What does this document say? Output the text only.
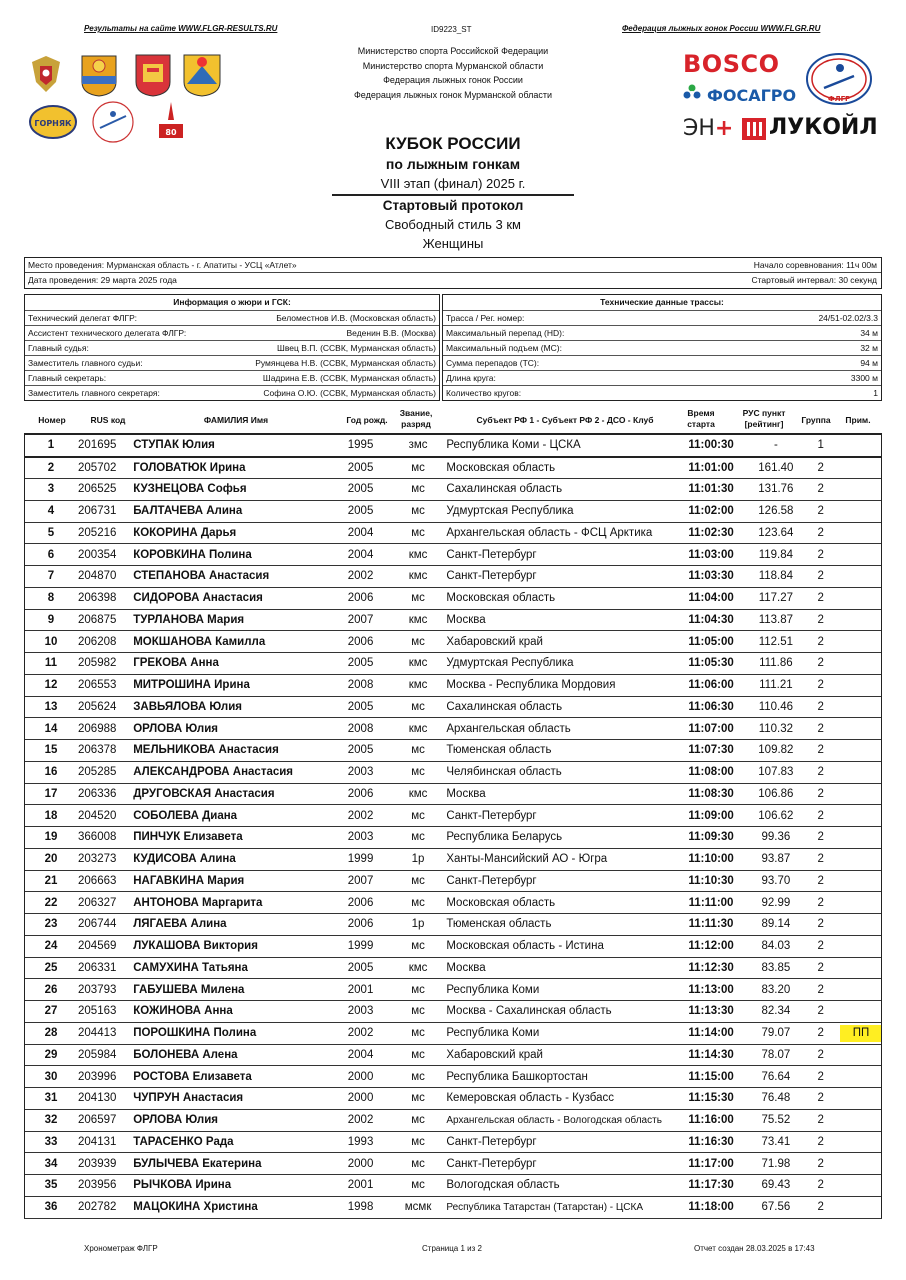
Результаты на сайте WWW.FLGR-RESULTS.RU	ID9223_ST	Федерация лыжных гонок России WWW.FLGR.RU
ГОРНЯК
80
Министерство спорта Российской Федерации
Министерство спорта Мурманской области
Федерация лыжных гонок России
Федерация лыжных гонок Мурманской области
BOSCO
ФОСАГРО	ФЛГР
ЭН+ ЛУКОЙЛ
КУБОК РОССИИ
по лыжным гонкам
VIII этап (финал) 2025 г.
Стартовый протокол
Свободный стиль 3 км
Женщины
Место проведения: Мурманская область - г. Апатиты - УСЦ «Атлет»	Начало соревнования: 11ч 00м
Дата проведения: 29 марта 2025 года	Стартовый интервал: 30 секунд
Информация о жюри и ГСК:
Технический делегат ФЛГР:	Беломестнов И.В. (Московская область)
Ассистент технического делегата ФЛГР:	Веденин В.В. (Москва)
Главный судья:	Швец В.П. (ССВК, Мурманская область)
Заместитель главного судьи:	Румянцева Н.В. (ССВК, Мурманская область)
Главный секретарь:	Шадрина Е.В. (ССВК, Мурманская область)
Заместитель главного секретаря:	Софина О.Ю. (ССВК, Мурманская область)
Технические данные трассы:
Трасса / Рег. номер:	24/51-02.02/3.3
Максимальный перепад (HD):	34 м
Максимальный подъем (MC):	32 м
Сумма перепадов (TC):	94 м
Длина круга:	3300 м
Количество кругов:	1
Номер	RUS код	ФАМИЛИЯ Имя	Год рожд.
Звание, разряд	Субъект РФ 1 - Субъект РФ 2 - ДСО - Клуб
Время старта
РУС пункт [рейтинг]	Группа	Прим.
1	201695	СТУПАК Юлия	1995	змс	Республика Коми - ЦСКА	11:00:30	-	1	
2	205702	ГОЛОВАТЮК Ирина	2005	мс	Московская область	11:01:00	161.40	2	
3	206525	КУЗНЕЦОВА Софья	2005	мс	Сахалинская область	11:01:30	131.76	2	
4	206731	БАЛТАЧЕВА Алина	2005	мс	Удмуртская Республика	11:02:00	126.58	2	
5	205216	КОКОРИНА Дарья	2004	мс	Архангельская область - ФСЦ Арктика	11:02:30	123.64	2	
6	200354	КОРОВКИНА Полина	2004	кмс	Санкт-Петербург	11:03:00	119.84	2	
7	204870	СТЕПАНОВА Анастасия	2002	кмс	Санкт-Петербург	11:03:30	118.84	2	
8	206398	СИДОРОВА Анастасия	2006	мс	Московская область	11:04:00	117.27	2	
9	206875	ТУРЛАНОВА Мария	2007	кмс	Москва	11:04:30	113.87	2	
10	206208	МОКШАНОВА Камилла	2006	мс	Хабаровский край	11:05:00	112.51	2	
11	205982	ГРЕКОВА Анна	2005	кмс	Удмуртская Республика	11:05:30	111.86	2	
12	206553	МИТРОШИНА Ирина	2008	кмс	Москва - Республика Мордовия	11:06:00	111.21	2	
13	205624	ЗАВЬЯЛОВА Юлия	2005	мс	Сахалинская область	11:06:30	110.46	2	
14	206988	ОРЛОВА Юлия	2008	кмс	Архангельская область	11:07:00	110.32	2	
15	206378	МЕЛЬНИКОВА Анастасия	2005	мс	Тюменская область	11:07:30	109.82	2	
16	205285	АЛЕКСАНДРОВА Анастасия	2003	мс	Челябинская область	11:08:00	107.83	2	
17	206336	ДРУГОВСКАЯ Анастасия	2006	кмс	Москва	11:08:30	106.86	2	
18	204520	СОБОЛЕВА Диана	2002	мс	Санкт-Петербург	11:09:00	106.62	2	
19	366008	ПИНЧУК Елизавета	2003	мс	Республика Беларусь	11:09:30	99.36	2	
20	203273	КУДИСОВА Алина	1999	1р	Ханты-Мансийский АО - Югра	11:10:00	93.87	2	
21	206663	НАГАВКИНА Мария	2007	мс	Санкт-Петербург	11:10:30	93.70	2	
22	206327	АНТОНОВА Маргарита	2006	мс	Московская область	11:11:00	92.99	2	
23	206744	ЛЯГАЕВА Алина	2006	1р	Тюменская область	11:11:30	89.14	2	
24	204569	ЛУКАШОВА Виктория	1999	мс	Московская область - Истина	11:12:00	84.03	2	
25	206331	САМУХИНА Татьяна	2005	кмс	Москва	11:12:30	83.85	2	
26	203793	ГАБУШЕВА Милена	2001	мс	Республика Коми	11:13:00	83.20	2	
27	205163	КОЖИНОВА Анна	2003	мс	Москва - Сахалинская область	11:13:30	82.34	2	
28	204413	ПОРОШКИНА Полина	2002	мс	Республика Коми	11:14:00	79.07	2	ПП
29	205984	БОЛОНЕВА Алена	2004	мс	Хабаровский край	11:14:30	78.07	2	
30	203996	РОСТОВА Елизавета	2000	мс	Республика Башкортостан	11:15:00	76.64	2	
31	204130	ЧУПРУН Анастасия	2000	мс	Кемеровская область - Кузбасс	11:15:30	76.48	2	
32	206597	ОРЛОВА Юлия	2002	мс	Архангельская область - Вологодская область	11:16:00	75.52	2	
33	204131	ТАРАСЕНКО Рада	1993	мс	Санкт-Петербург	11:16:30	73.41	2	
34	203939	БУЛЫЧЕВА Екатерина	2000	мс	Санкт-Петербург	11:17:00	71.98	2	
35	203956	РЫЧКОВА Ирина	2001	мс	Вологодская область	11:17:30	69.43	2	
36	202782	МАЦОКИНА Христина	1998	мсмк	Республика Татарстан (Татарстан) - ЦСКА	11:18:00	67.56	2	
Хронометраж ФЛГР	Страница 1 из 2	Отчет создан 28.03.2025 в 17:43
